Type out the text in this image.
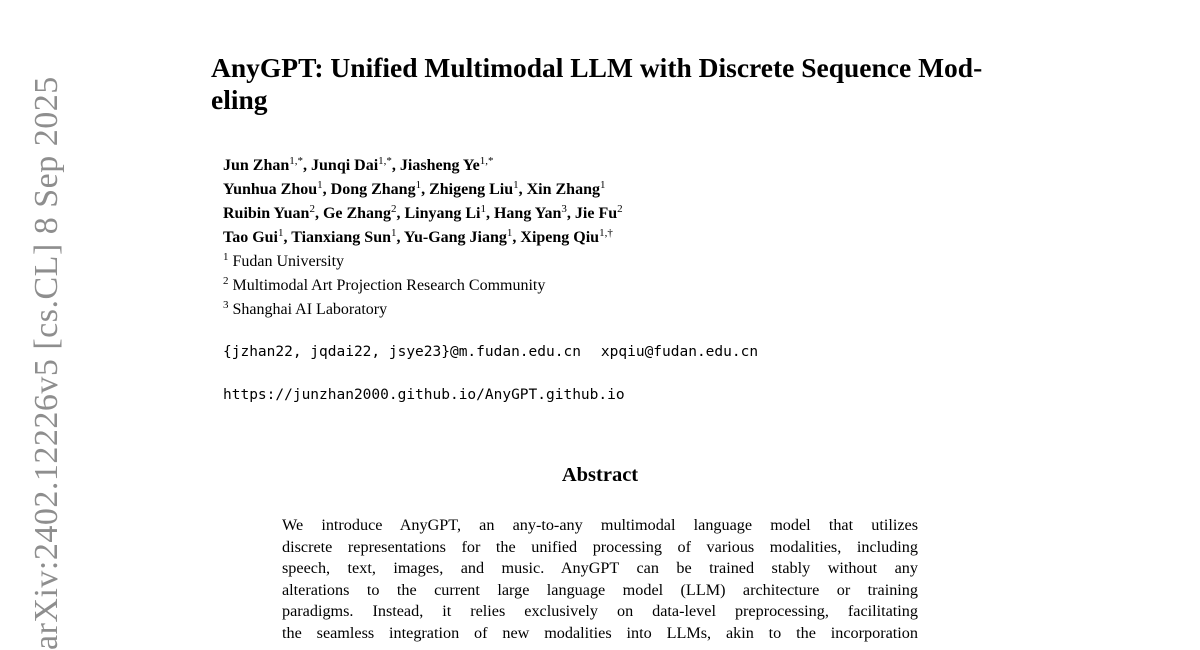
arXiv:2402.12226v5 [cs.CL] 8 Sep 2025
AnyGPT: Unified Multimodal LLM with Discrete Sequence Mod-
eling
Jun Zhan$^{1,*}$, Junqi Dai$^{1,*}$, Jiasheng $Ye^{1,*}$
Yunhua Zhou$^1$, Dong Zhang$^1$, Zhigeng Liu$^1$, Xin Zhang$^1$
Ruibin Yuan$^2$, Ge Zhang$^2$, Linyang Li$^1$, Hang Yan$^3$, Jie Fu$^2$
Tao Gui$^1$, Tianxiang Sun$^1$, Yu-Gang Jiang$^1$, Xipeng Qiu$^{1,\dagger}$
$^1$ Fudan University
$^2$ Multimodal Art Projection Research Community
$^3$ Shanghai AI Laboratory
{jzhan22, jqdai22, jsye23}@m.fudan.edu.cn xpqiu@fudan.edu.cn
https://junzhan2000.github.io/AnyGPT.github.io
Abstract
We introduce AnyGPT, an any-to-any multimodal language model that utilizes
discrete representations for the unified processing of various modalities, including
speech, text, images, and music. AnyGPT can be trained stably without any
alterations to the current large language model (LLM) architecture or training
paradigms. Instead, it relies exclusively on data-level preprocessing, facilitating
the seamless integration of new modalities into LLMs, akin to the incorporation
